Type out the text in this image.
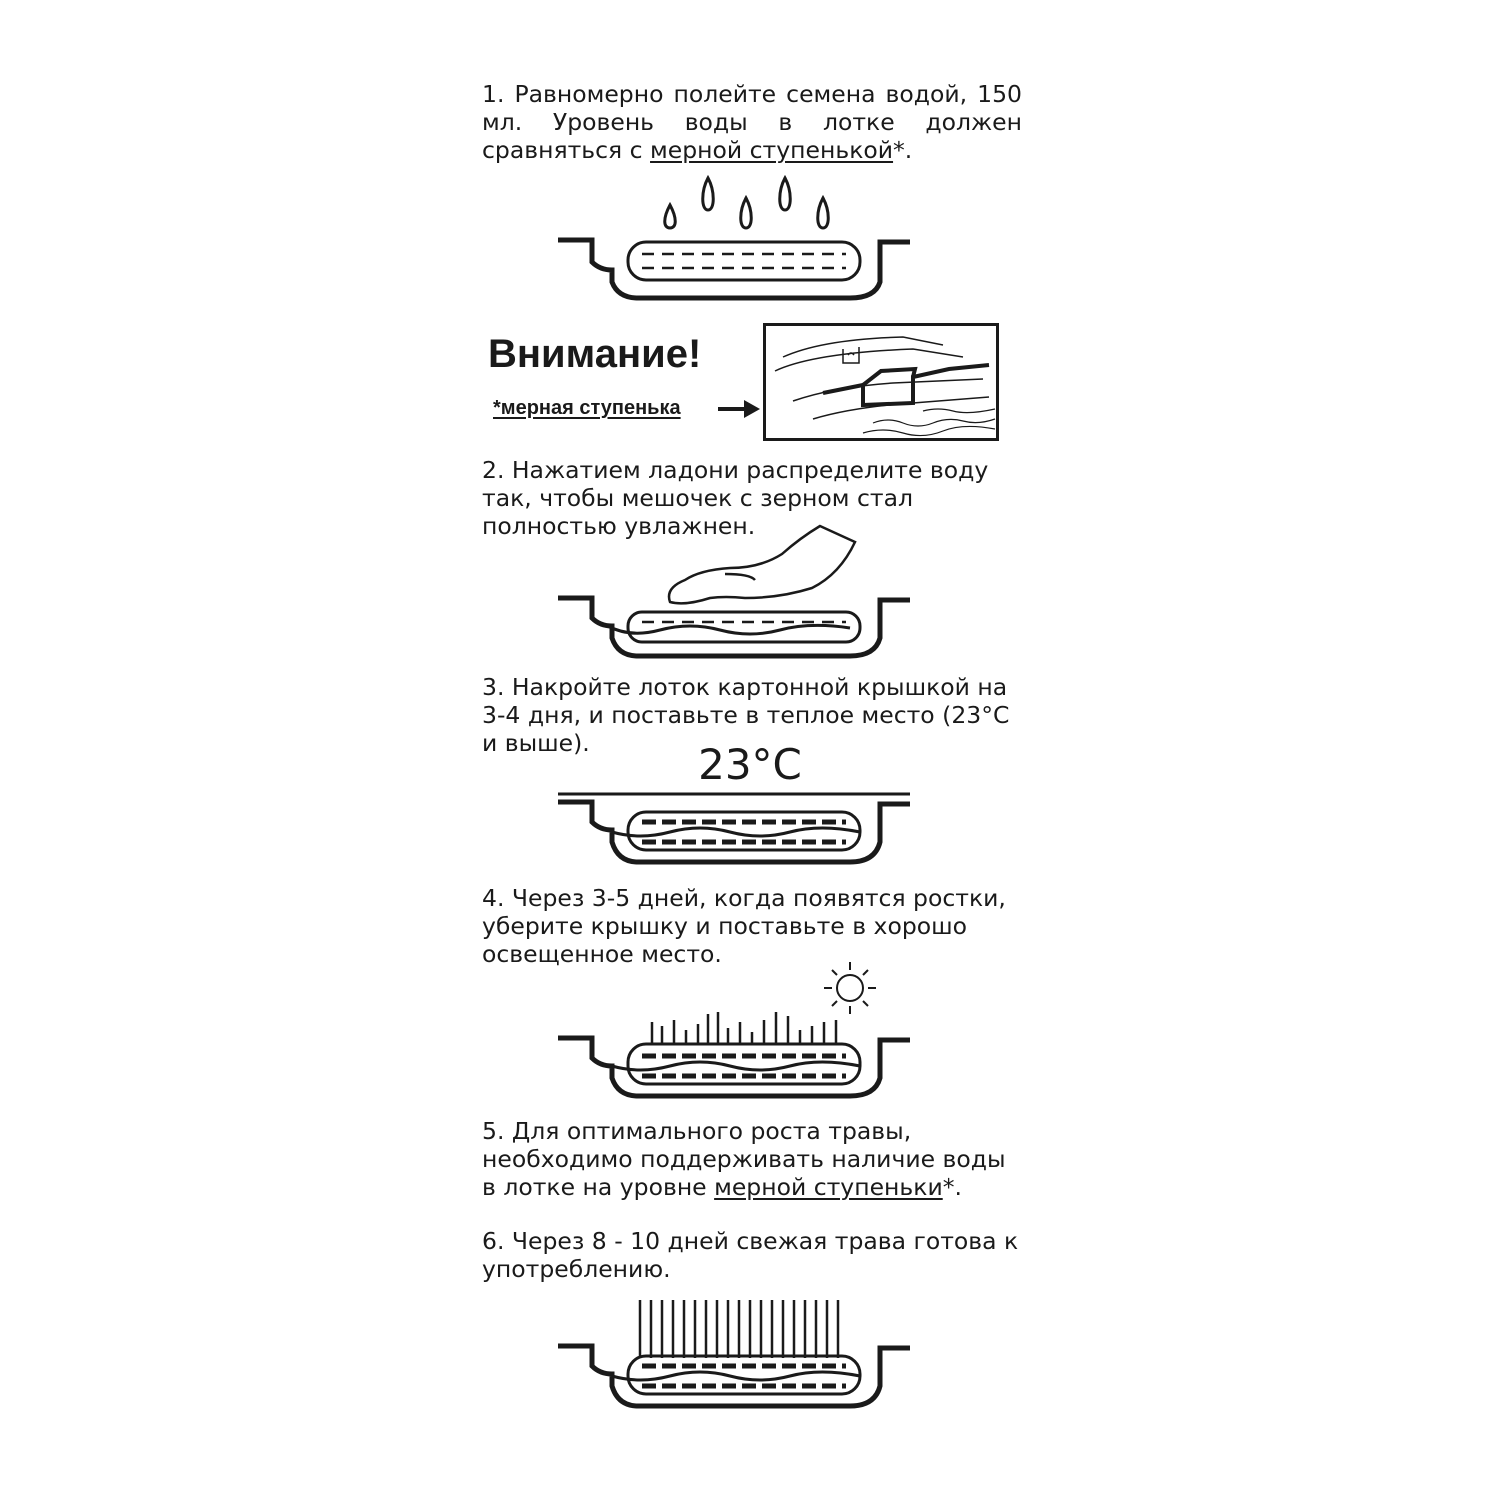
1. Равномерно полейте семена водой, 150 мл. Уровень воды в лотке должен сравняться с мерной ступенькой*.

Внимание!

*мерная ступенька

2. Нажатием ладони распределите воду так, чтобы мешочек с зерном стал полностью увлажнен.

3. Накройте лоток картонной крышкой на 3-4 дня, и поставьте в теплое место (23°С и выше).	23°C

4. Через 3-5 дней, когда появятся ростки, уберите крышку и поставьте в хорошо освещенное место.

5. Для оптимального роста травы, необходимо поддерживать наличие воды в лотке на уровне мерной ступеньки*.

6. Через 8 - 10 дней свежая трава готова к употреблению.
